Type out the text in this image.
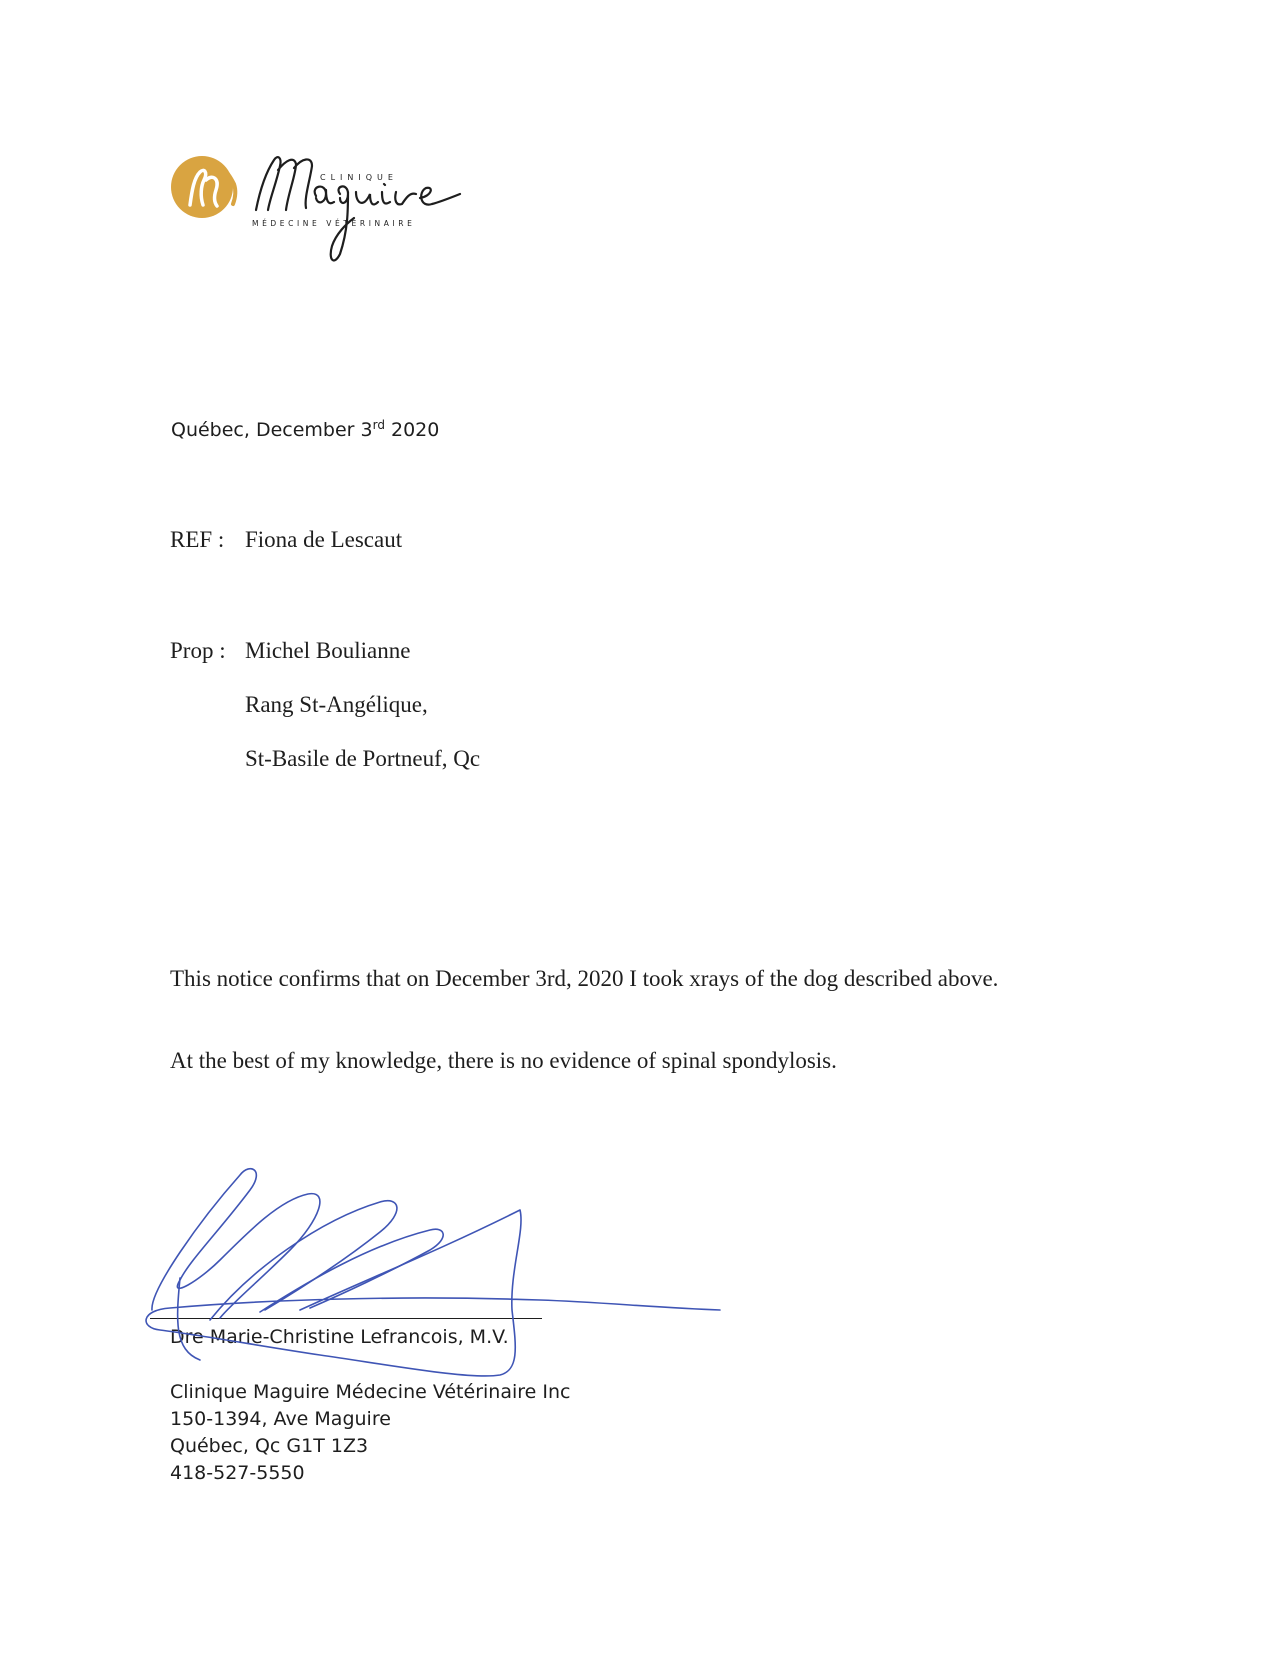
CLINIQUE
MÉDECINE VÉTÉRINAIRE
Québec, December 3rd 2020
REF : Fiona de Lescaut
Prop : Michel Boulianne
Rang St-Angélique,
St-Basile de Portneuf, Qc

This notice confirms that on December 3rd, 2020 I took xrays of the dog described above.

At the best of my knowledge, there is no evidence of spinal spondylosis.

Dre Marie-Christine Lefrancois, M.V.
Clinique Maguire Médecine Vétérinaire Inc
150-1394, Ave Maguire
Québec, Qc G1T 1Z3
418-527-5550
